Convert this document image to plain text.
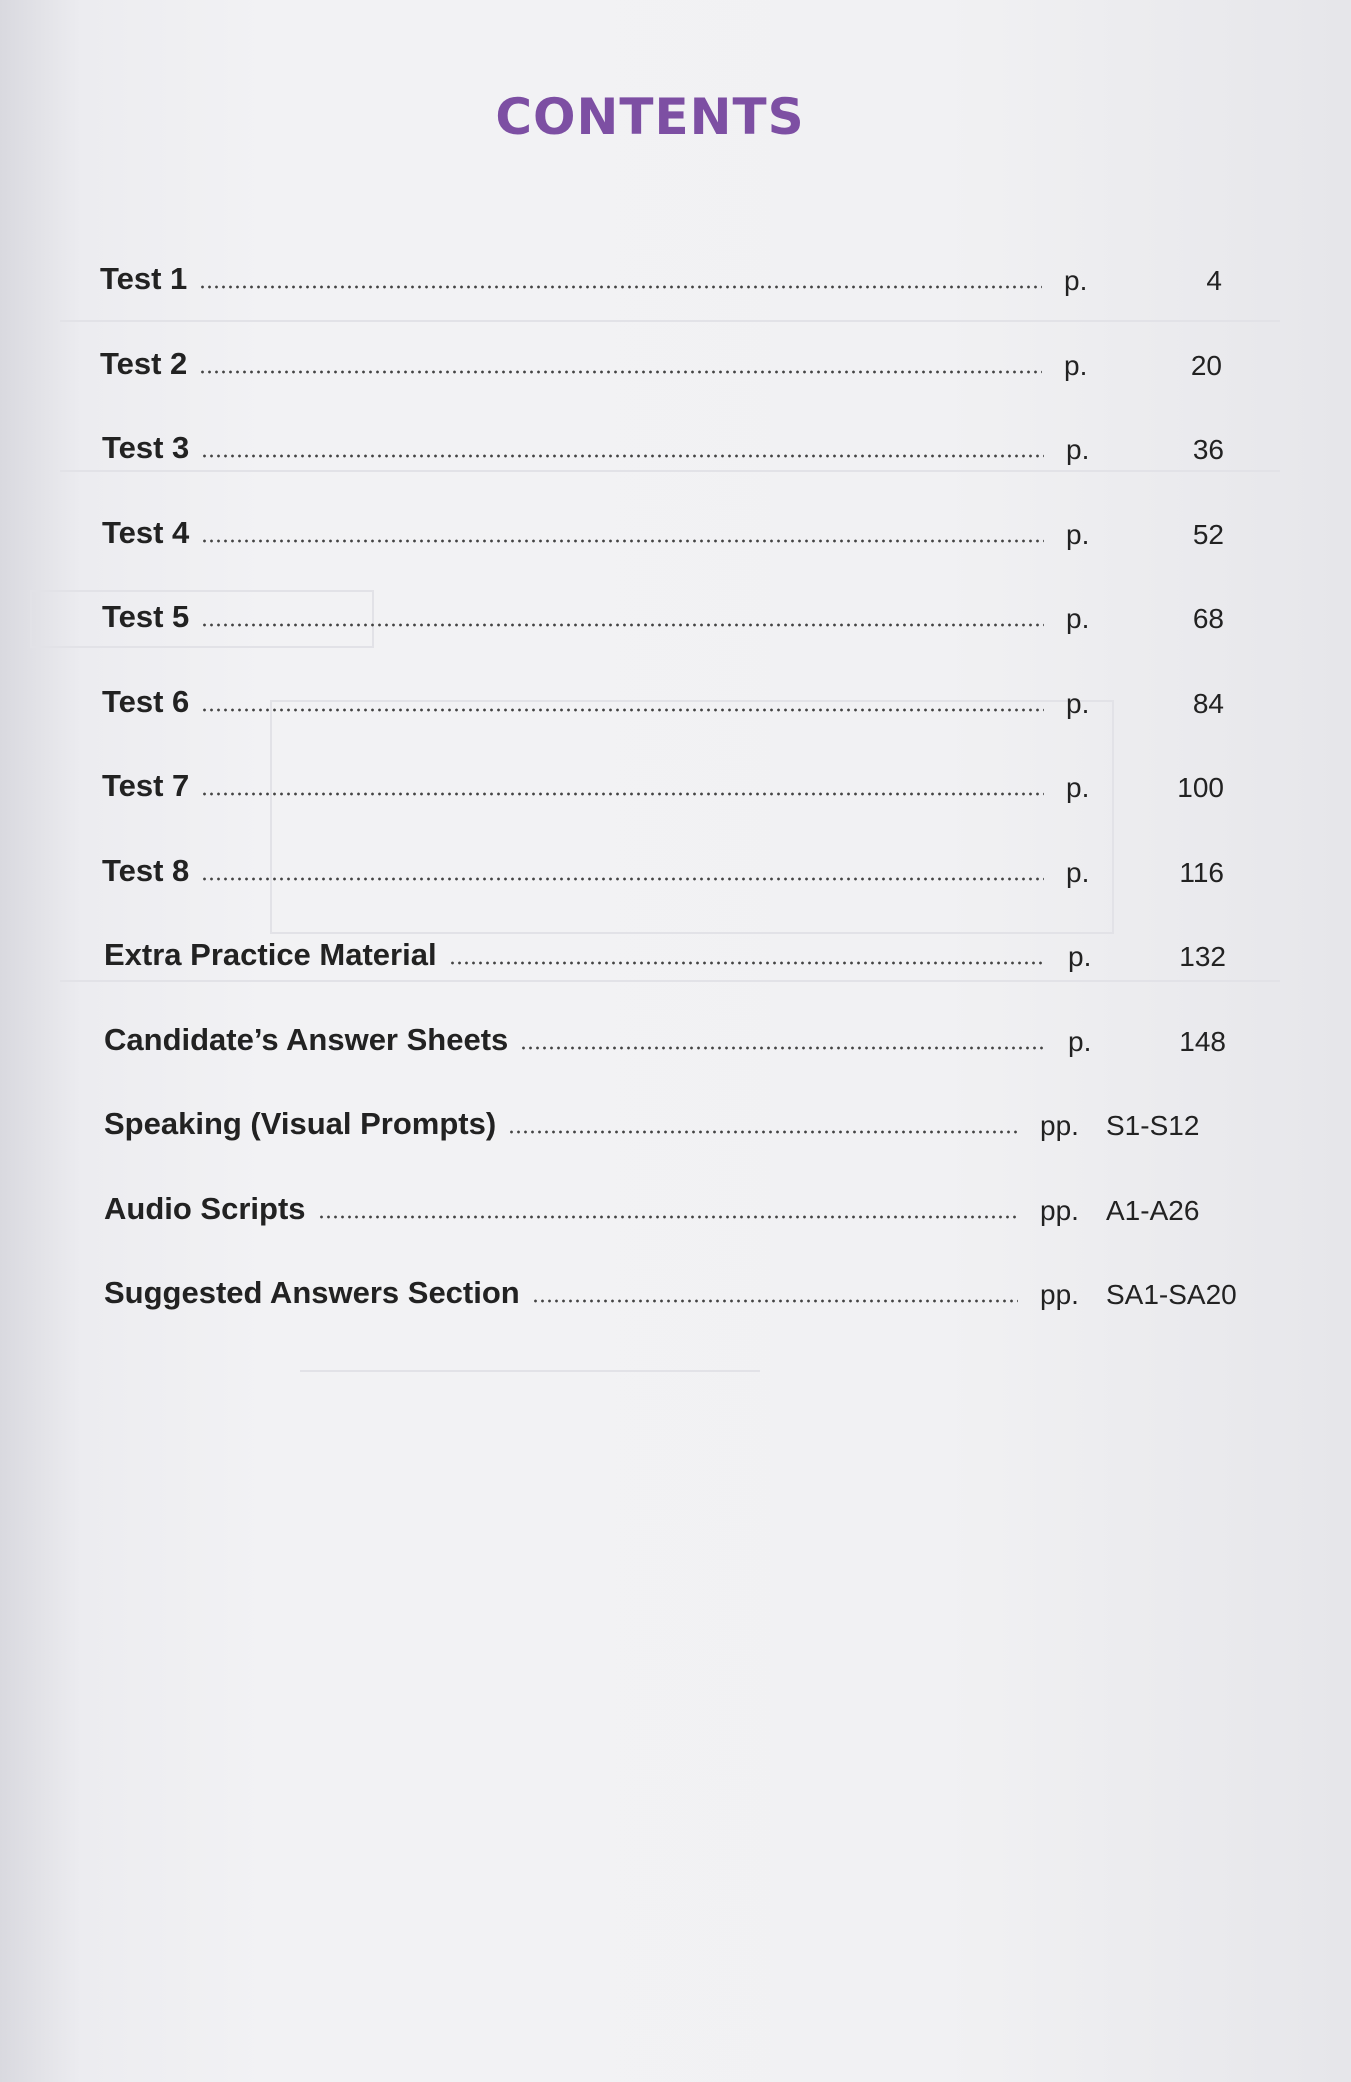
CONTENTS
Test 1	p.	4
Test 2	p.	20
Test 3	p.	36
Test 4	p.	52
Test 5	p.	68
Test 6	p.	84
Test 7	p.	100
Test 8	p.	116
Extra Practice Material	p.	132
Candidate’s Answer Sheets	p.	148
Speaking (Visual Prompts)	pp. S1-S12
Audio Scripts	pp. A1-A26
Suggested Answers Section	pp. SA1-SA20
